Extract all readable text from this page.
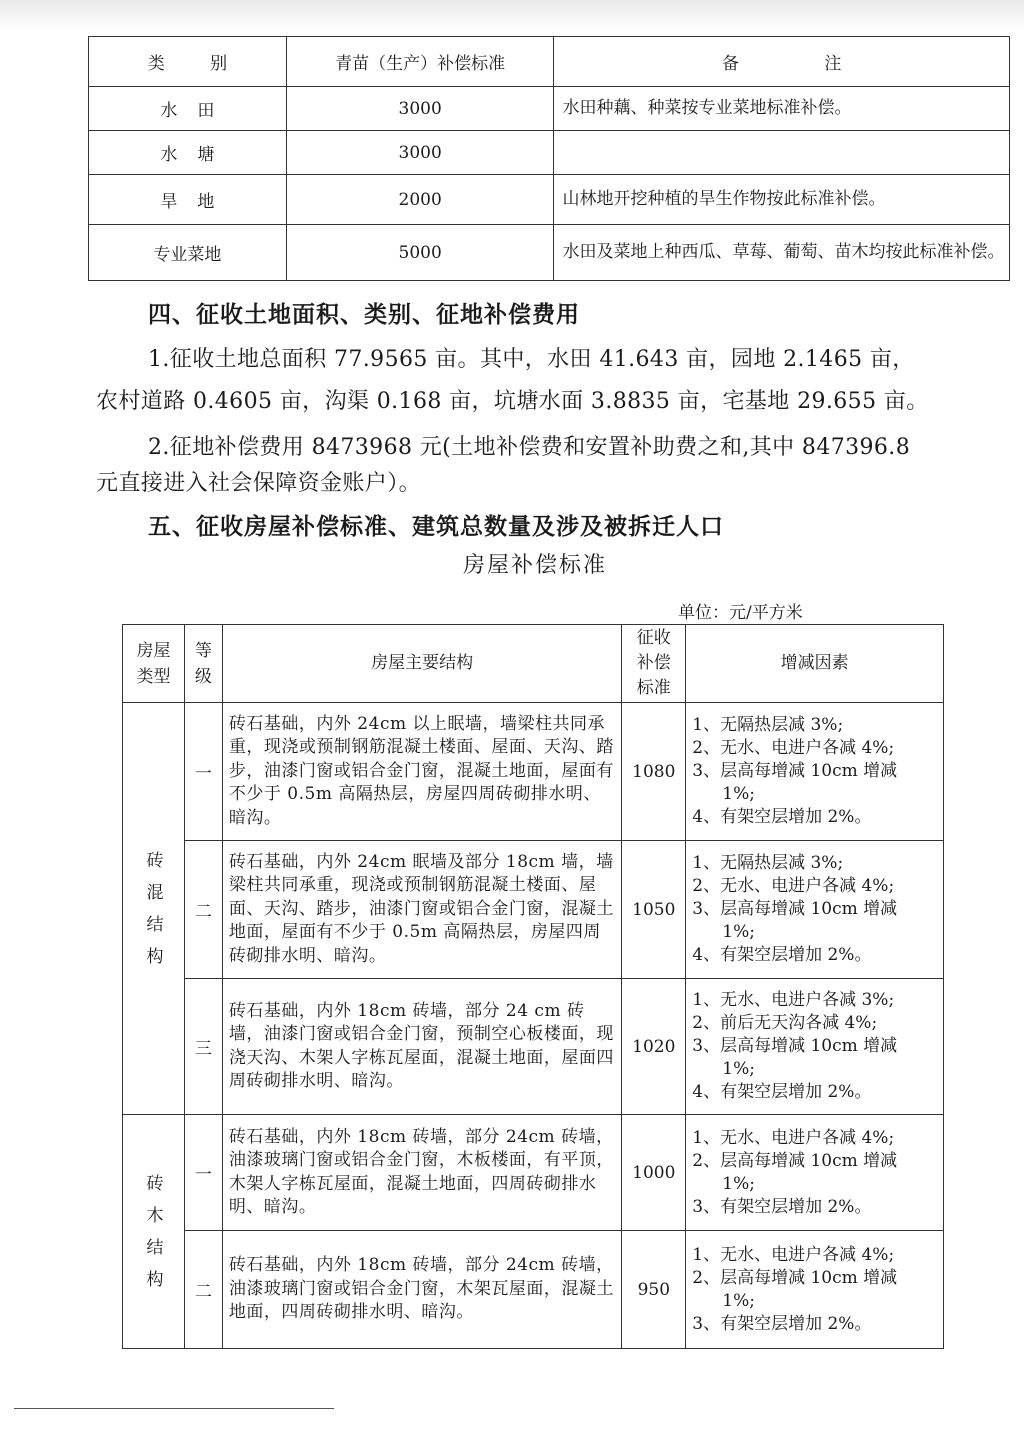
类 别	青苗（生产）补偿标准	备 注
水田	3000	水田种藕、种菜按专业菜地标准补偿。
水塘	3000	
旱地	2000	山林地开挖种植的旱生作物按此标准补偿。
专业菜地	5000	水田及菜地上种西瓜、草莓、葡萄、苗木均按此标准补偿。
四、征收土地面积、类别、征地补偿费用
1.征收土地总面积 77.9565 亩。其中，水田 41.643 亩，园地 2.1465 亩，
农村道路 0.4605 亩，沟渠 0.168 亩，坑塘水面 3.8835 亩，宅基地 29.655 亩。
2.征地补偿费用 8473968 元(土地补偿费和安置补助费之和,其中 847396.8
元直接进入社会保障资金账户）。
五、征收房屋补偿标准、建筑总数量及涉及被拆迁人口
房屋补偿标准
单位：元/平方米
房屋类型	等级	房屋主要结构	征收补偿标准	增减因素

砖混结构	一	砖石基础，内外 24cm 以上眠墙，墙梁柱共同承重，现浇或预制钢筋混凝土楼面、屋面、天沟、踏步，油漆门窗或铝合金门窗，混凝土地面，屋面有不少于 0.5m 高隔热层，房屋四周砖砌排水明、暗沟。	1080	1、无隔热层减 3%;
2、无水、电进户各减 4%;
3、层高每增减 10cm 增减
1%;
4、有架空层增加 2%。

	二	砖石基础，内外 24cm 眠墙及部分 18cm 墙，墙梁柱共同承重，现浇或预制钢筋混凝土楼面、屋面、天沟、踏步，油漆门窗或铝合金门窗，混凝土地面，屋面有不少于 0.5m 高隔热层，房屋四周砖砌排水明、暗沟。	1050	1、无隔热层减 3%;
2、无水、电进户各减 4%;
3、层高每增减 10cm 增减
1%;
4、有架空层增加 2%。

	三	砖石基础，内外 18cm 砖墙，部分 24 cm 砖墙，油漆门窗或铝合金门窗，预制空心板楼面，现浇天沟、木架人字栋瓦屋面，混凝土地面，屋面四周砖砌排水明、暗沟。	1020	1、无水、电进户各减 3%;
2、前后无天沟各减 4%;
3、层高每增减 10cm 增减
1%;
4、有架空层增加 2%。

砖木结构	一	砖石基础，内外 18cm 砖墙，部分 24cm 砖墙，油漆玻璃门窗或铝合金门窗，木板楼面，有平顶，木架人字栋瓦屋面，混凝土地面，四周砖砌排水明、暗沟。	1000	1、无水、电进户各减 4%;
2、层高每增减 10cm 增减
1%;
3、有架空层增加 2%。

	二	砖石基础，内外 18cm 砖墙，部分 24cm 砖墙，油漆玻璃门窗或铝合金门窗，木架瓦屋面，混凝土地面，四周砖砌排水明、暗沟。	950	1、无水、电进户各减 4%;
2、层高每增减 10cm 增减
1%;
3、有架空层增加 2%。
